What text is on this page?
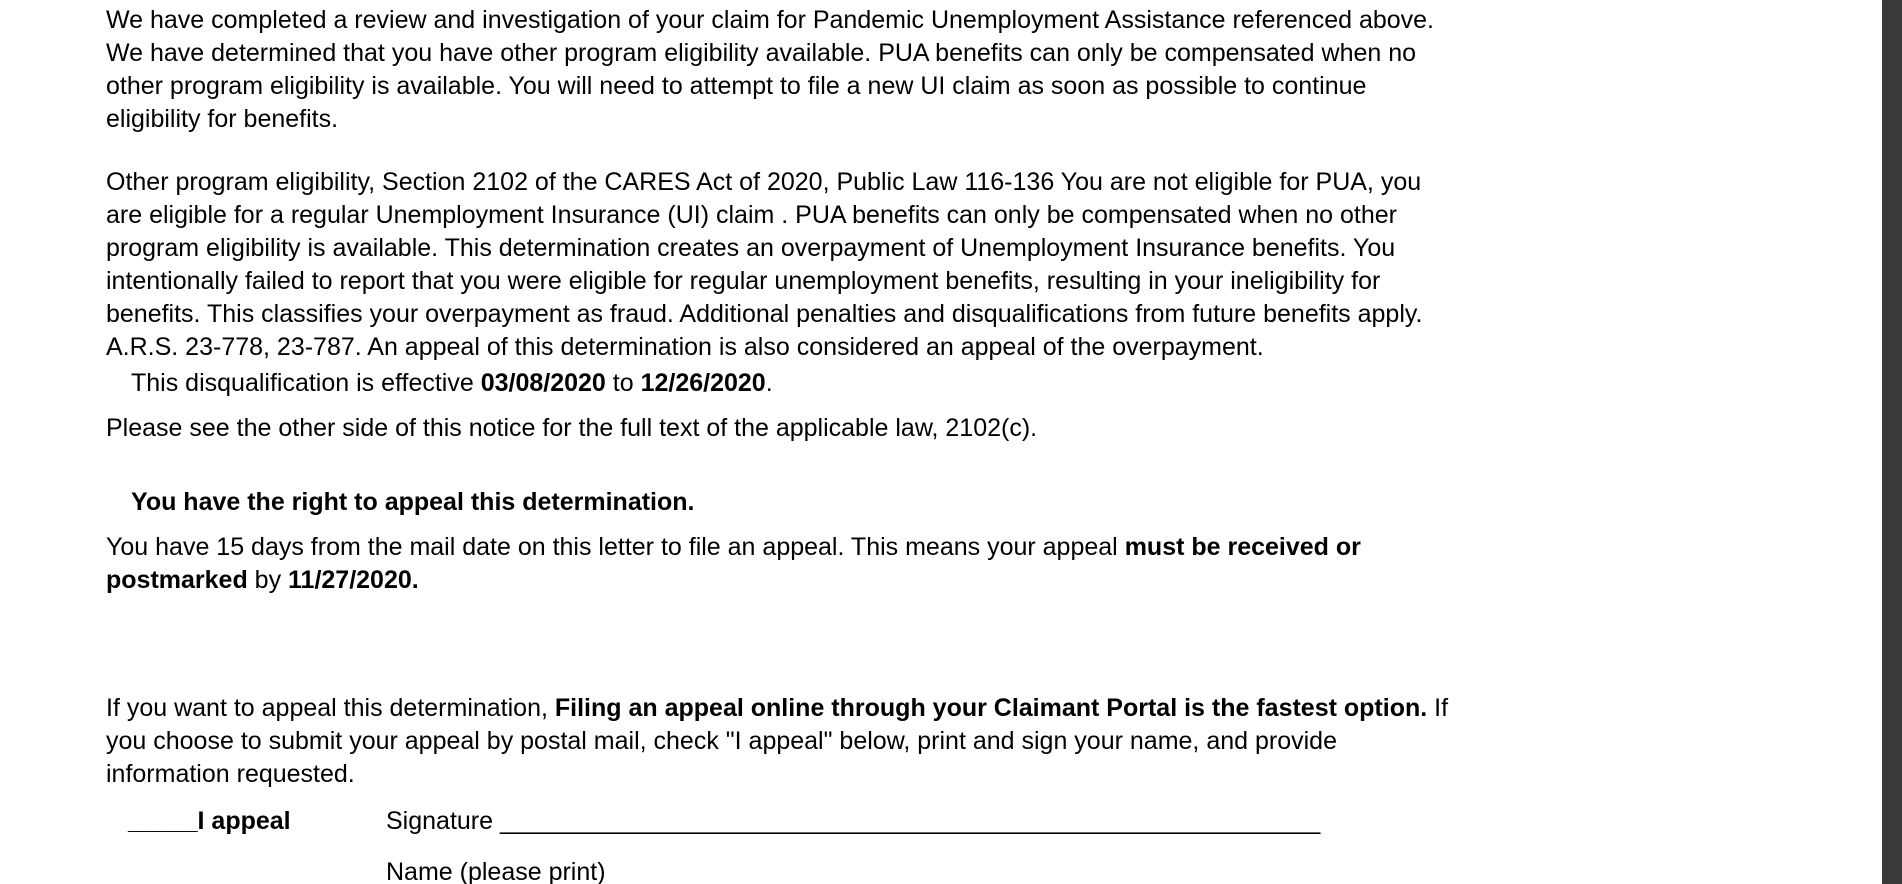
We have completed a review and investigation of your claim for Pandemic Unemployment Assistance referenced above.
We have determined that you have other program eligibility available. PUA benefits can only be compensated when no
other program eligibility is available. You will need to attempt to file a new UI claim as soon as possible to continue
eligibility for benefits.

Other program eligibility, Section 2102 of the CARES Act of 2020, Public Law 116-136 You are not eligible for PUA, you
are eligible for a regular Unemployment Insurance (UI) claim . PUA benefits can only be compensated when no other
program eligibility is available. This determination creates an overpayment of Unemployment Insurance benefits. You
intentionally failed to report that you were eligible for regular unemployment benefits, resulting in your ineligibility for
benefits. This classifies your overpayment as fraud. Additional penalties and disqualifications from future benefits apply.
A.R.S. 23-778, 23-787. An appeal of this determination is also considered an appeal of the overpayment.

This disqualification is effective 03/08/2020 to 12/26/2020.

Please see the other side of this notice for the full text of the applicable law, 2102(c).

You have the right to appeal this determination.

You have 15 days from the mail date on this letter to file an appeal. This means your appeal must be received or
postmarked by 11/27/2020.

If you want to appeal this determination, Filing an appeal online through your Claimant Portal is the fastest option. If
you choose to submit your appeal by postal mail, check "I appeal" below, print and sign your name, and provide
information requested.

_____I appeal	Signature ___________________________________________________________
Name (please print)
